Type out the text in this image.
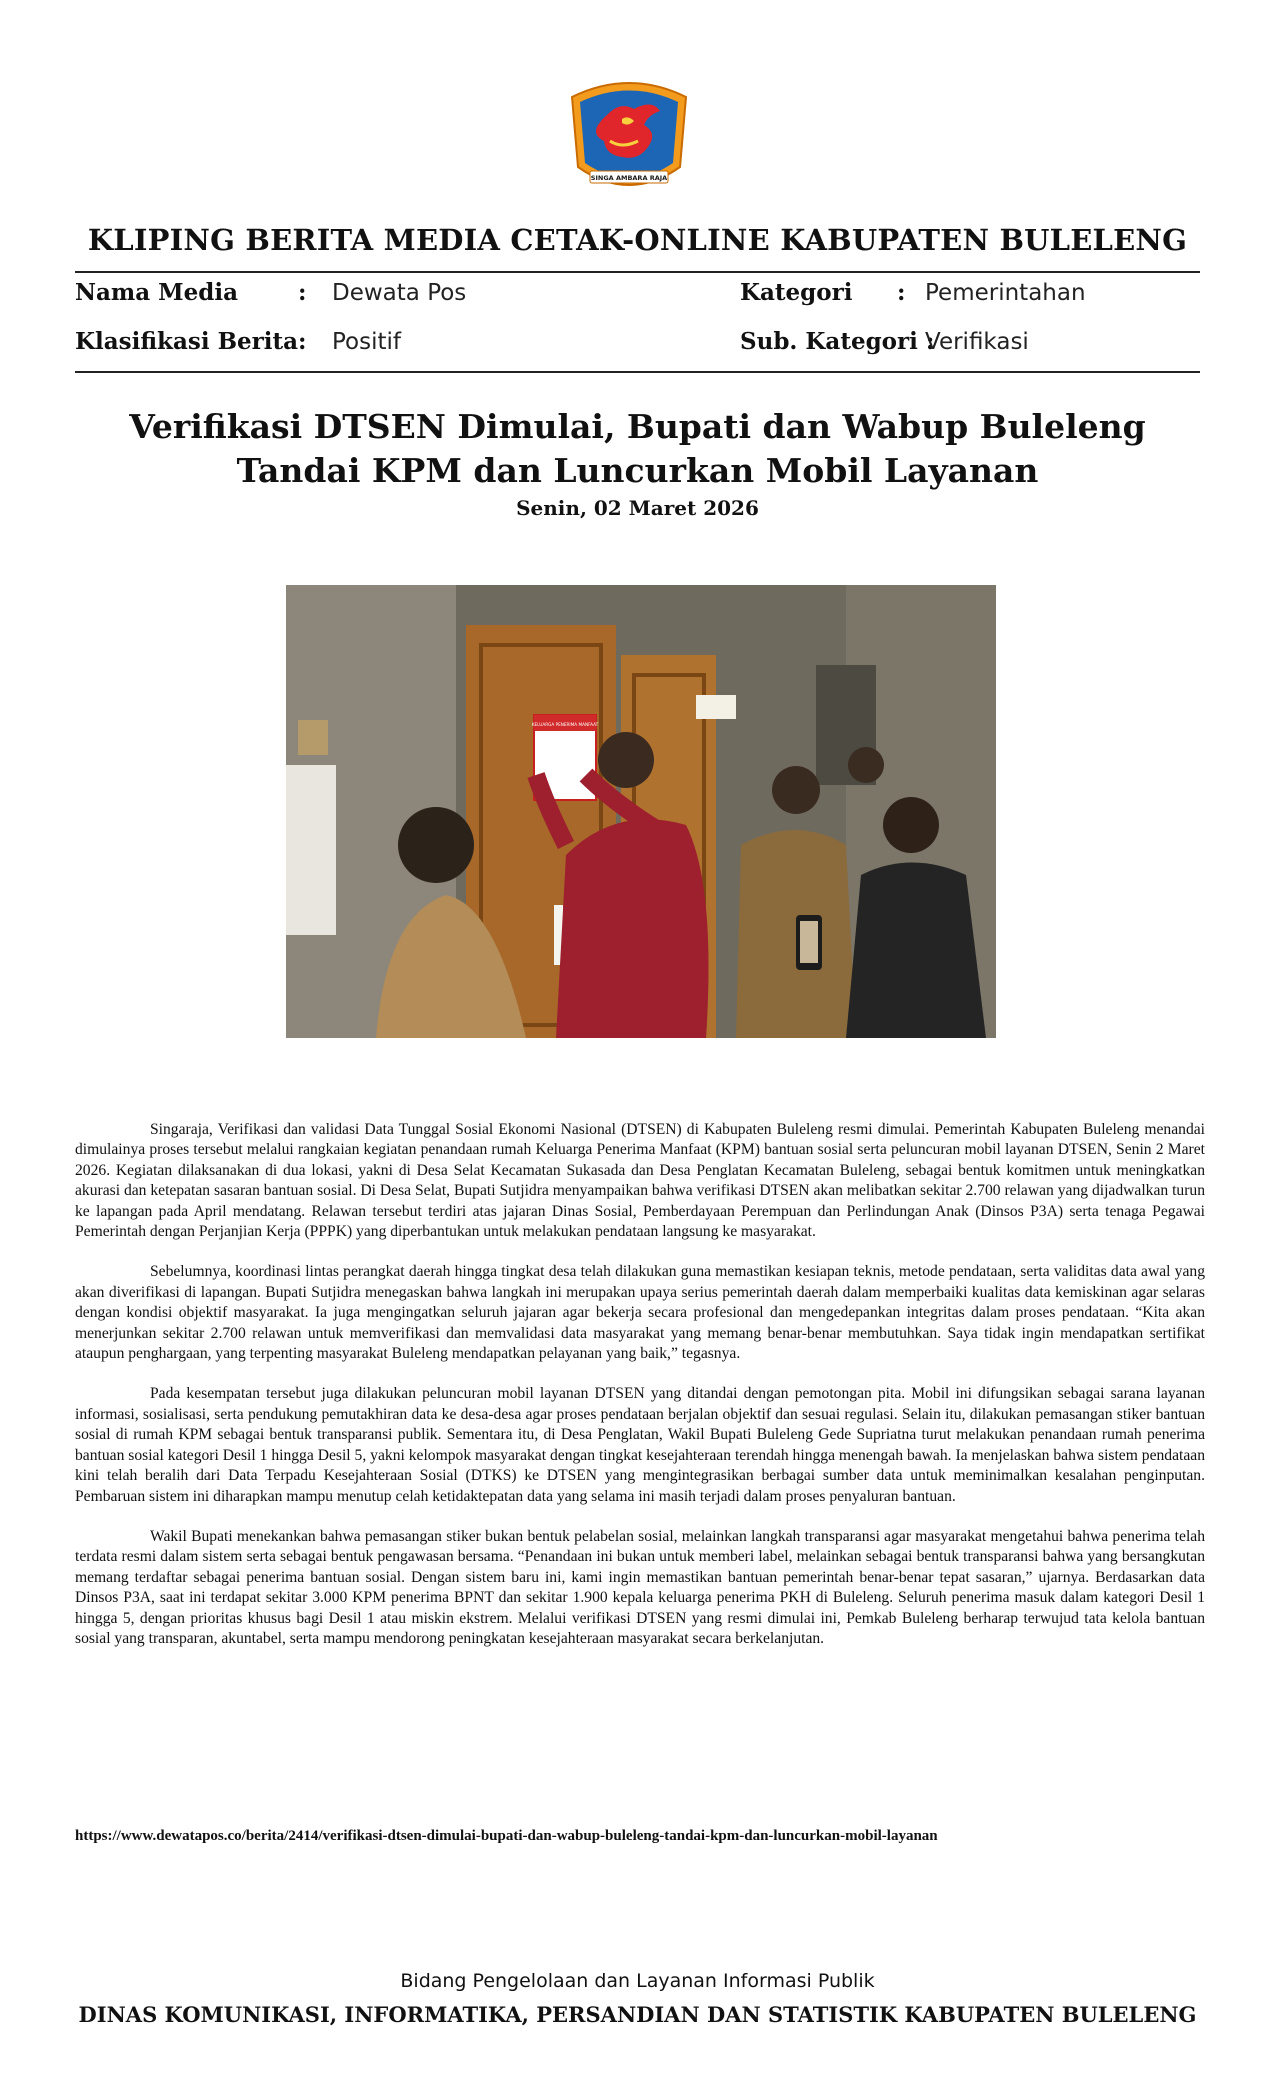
SINGA AMBARA RAJA
KLIPING BERITA MEDIA CETAK-ONLINE KABUPATEN BULELENG
Nama Media	: Dewata Pos	Kategori : Pemerintahan
Klasifikasi Berita : Positif	Sub. Kategori :
Verifikasi
Verifikasi DTSEN Dimulai, Bupati dan Wabup Buleleng Tandai KPM dan Luncurkan Mobil Layanan
Senin, 02 Maret 2026
KELUARGA PENERIMA MANFAAT

Singaraja, Verifikasi dan validasi Data Tunggal Sosial Ekonomi Nasional (DTSEN) di Kabupaten Buleleng resmi dimulai. Pemerintah Kabupaten Buleleng menandai dimulainya proses tersebut melalui rangkaian kegiatan penandaan rumah Keluarga Penerima Manfaat (KPM) bantuan sosial serta peluncuran mobil layanan DTSEN, Senin 2 Maret 2026. Kegiatan dilaksanakan di dua lokasi, yakni di Desa Selat Kecamatan Sukasada dan Desa Penglatan Kecamatan Buleleng, sebagai bentuk komitmen untuk meningkatkan akurasi dan ketepatan sasaran bantuan sosial. Di Desa Selat, Bupati Sutjidra menyampaikan bahwa verifikasi DTSEN akan melibatkan sekitar 2.700 relawan yang dijadwalkan turun ke lapangan pada April mendatang. Relawan tersebut terdiri atas jajaran Dinas Sosial, Pemberdayaan Perempuan dan Perlindungan Anak (Dinsos P3A) serta tenaga Pegawai Pemerintah dengan Perjanjian Kerja (PPPK) yang diperbantukan untuk melakukan pendataan langsung ke masyarakat.

Sebelumnya, koordinasi lintas perangkat daerah hingga tingkat desa telah dilakukan guna memastikan kesiapan teknis, metode pendataan, serta validitas data awal yang akan diverifikasi di lapangan. Bupati Sutjidra menegaskan bahwa langkah ini merupakan upaya serius pemerintah daerah dalam memperbaiki kualitas data kemiskinan agar selaras dengan kondisi objektif masyarakat. Ia juga mengingatkan seluruh jajaran agar bekerja secara profesional dan mengedepankan integritas dalam proses pendataan. “Kita akan menerjunkan sekitar 2.700 relawan untuk memverifikasi dan memvalidasi data masyarakat yang memang benar-benar membutuhkan. Saya tidak ingin mendapatkan sertifikat ataupun penghargaan, yang terpenting masyarakat Buleleng mendapatkan pelayanan yang baik,” tegasnya.

Pada kesempatan tersebut juga dilakukan peluncuran mobil layanan DTSEN yang ditandai dengan pemotongan pita. Mobil ini difungsikan sebagai sarana layanan informasi, sosialisasi, serta pendukung pemutakhiran data ke desa-desa agar proses pendataan berjalan objektif dan sesuai regulasi. Selain itu, dilakukan pemasangan stiker bantuan sosial di rumah KPM sebagai bentuk transparansi publik. Sementara itu, di Desa Penglatan, Wakil Bupati Buleleng Gede Supriatna turut melakukan penandaan rumah penerima bantuan sosial kategori Desil 1 hingga Desil 5, yakni kelompok masyarakat dengan tingkat kesejahteraan terendah hingga menengah bawah. Ia menjelaskan bahwa sistem pendataan kini telah beralih dari Data Terpadu Kesejahteraan Sosial (DTKS) ke DTSEN yang mengintegrasikan berbagai sumber data untuk meminimalkan kesalahan penginputan. Pembaruan sistem ini diharapkan mampu menutup celah ketidaktepatan data yang selama ini masih terjadi dalam proses penyaluran bantuan.

Wakil Bupati menekankan bahwa pemasangan stiker bukan bentuk pelabelan sosial, melainkan langkah transparansi agar masyarakat mengetahui bahwa penerima telah terdata resmi dalam sistem serta sebagai bentuk pengawasan bersama. “Penandaan ini bukan untuk memberi label, melainkan sebagai bentuk transparansi bahwa yang bersangkutan memang terdaftar sebagai penerima bantuan sosial. Dengan sistem baru ini, kami ingin memastikan bantuan pemerintah benar-benar tepat sasaran,” ujarnya. Berdasarkan data Dinsos P3A, saat ini terdapat sekitar 3.000 KPM penerima BPNT dan sekitar 1.900 kepala keluarga penerima PKH di Buleleng. Seluruh penerima masuk dalam kategori Desil 1 hingga 5, dengan prioritas khusus bagi Desil 1 atau miskin ekstrem. Melalui verifikasi DTSEN yang resmi dimulai ini, Pemkab Buleleng berharap terwujud tata kelola bantuan sosial yang transparan, akuntabel, serta mampu mendorong peningkatan kesejahteraan masyarakat secara berkelanjutan.

https://www.dewatapos.co/berita/2414/verifikasi-dtsen-dimulai-bupati-dan-wabup-buleleng-tandai-kpm-dan-luncurkan-mobil-layanan
Bidang Pengelolaan dan Layanan Informasi Publik
DINAS KOMUNIKASI, INFORMATIKA, PERSANDIAN DAN STATISTIK KABUPATEN BULELENG
